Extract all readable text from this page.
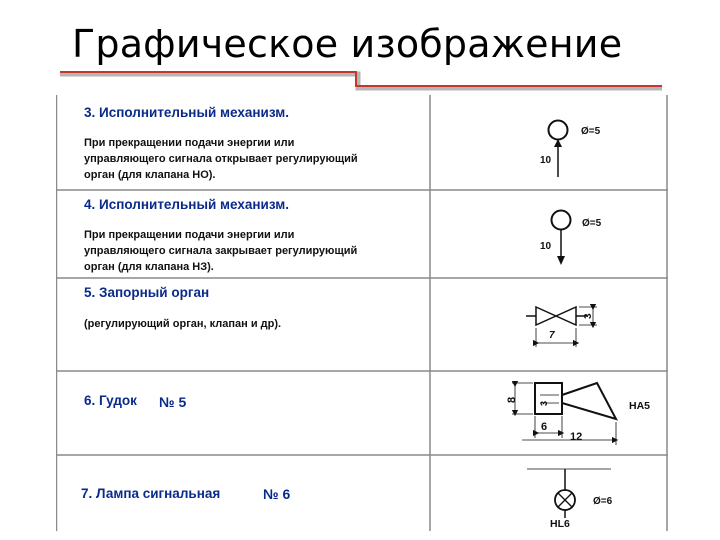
Графическое изображение
3. Исполнительный механизм.
При прекращении подачи энергии или
управляющего сигнала открывает регулирующий
орган (для клапана НО).
4. Исполнительный механизм.
При прекращении подачи энергии или
управляющего сигнала закрывает регулирующий
орган (для клапана НЗ).
5. Запорный орган
(регулирующий орган, клапан и др).
6. Гудок № 5
7. Лампа сигнальная	№ 6
Ø=5
10
Ø=5
10
3
7
8
3
6
12
НА5
Ø=6
HL6
